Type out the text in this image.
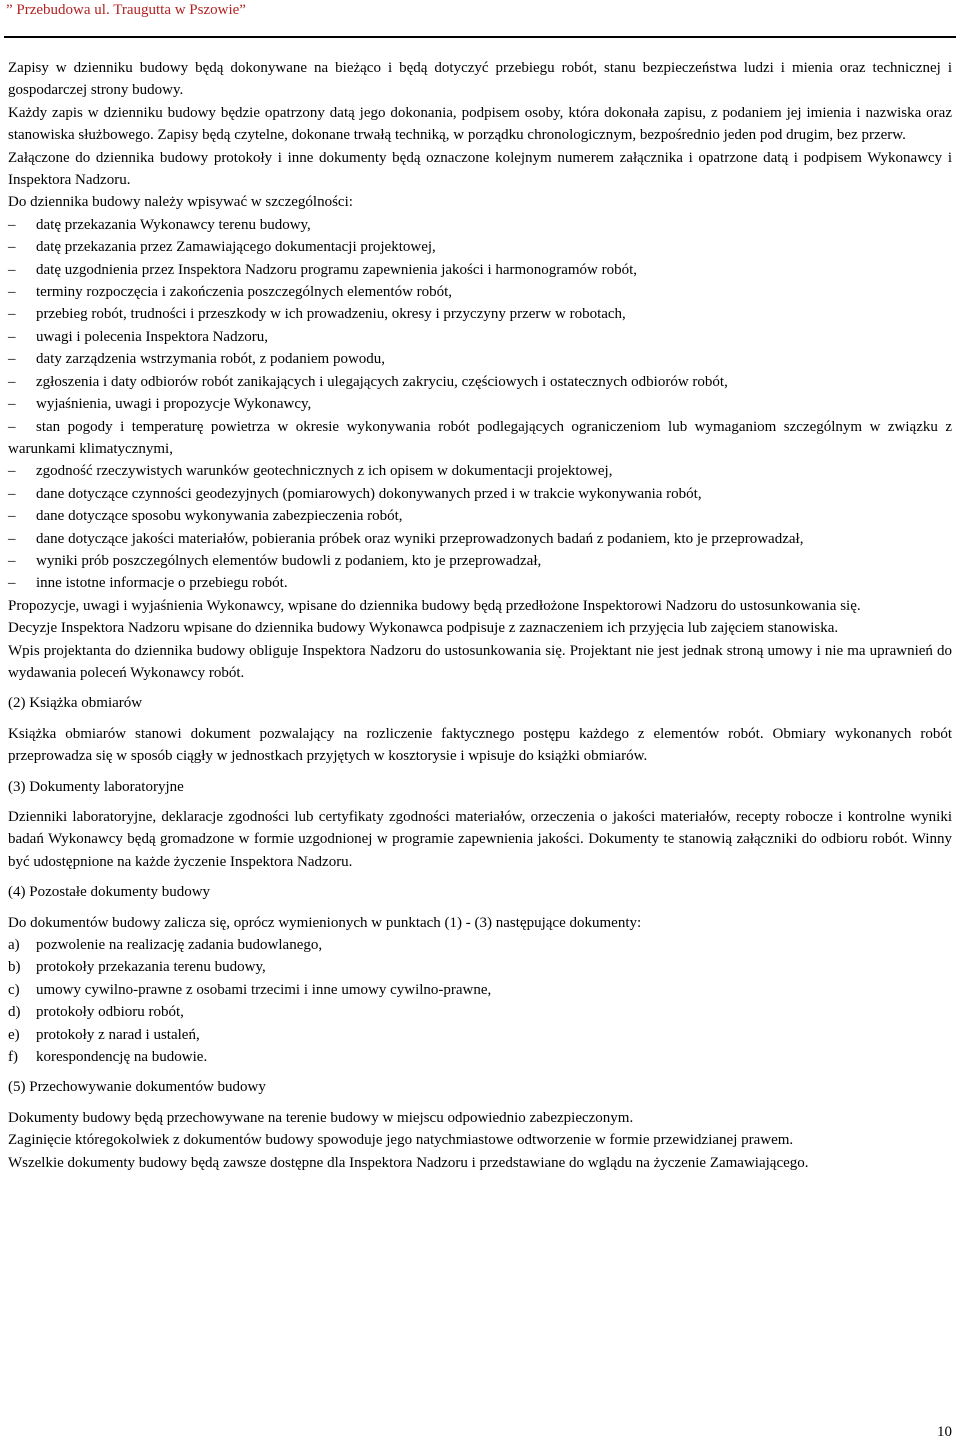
” Przebudowa ul. Traugutta w Pszowie”

Zapisy w dzienniku budowy będą dokonywane na bieżąco i będą dotyczyć przebiegu robót, stanu bezpieczeństwa ludzi i mienia oraz technicznej i gospodarczej strony budowy.

Każdy zapis w dzienniku budowy będzie opatrzony datą jego dokonania, podpisem osoby, która dokonała zapisu, z podaniem jej imienia i nazwiska oraz stanowiska służbowego. Zapisy będą czytelne, dokonane trwałą techniką, w porządku chronologicznym, bezpośrednio jeden pod drugim, bez przerw.

Załączone do dziennika budowy protokoły i inne dokumenty będą oznaczone kolejnym numerem załącznika i opatrzone datą i podpisem Wykonawcy i Inspektora Nadzoru.

Do dziennika budowy należy wpisywać w szczególności:

–	datę przekazania Wykonawcy terenu budowy,
–	datę przekazania przez Zamawiającego dokumentacji projektowej,
–	datę uzgodnienia przez Inspektora Nadzoru programu zapewnienia jakości i harmonogramów robót,
–	terminy rozpoczęcia i zakończenia poszczególnych elementów robót,
–	przebieg robót, trudności i przeszkody w ich prowadzeniu, okresy i przyczyny przerw w robotach,
–	uwagi i polecenia Inspektora Nadzoru,
–	daty zarządzenia wstrzymania robót, z podaniem powodu,
–	zgłoszenia i daty odbiorów robót zanikających i ulegających zakryciu, częściowych i ostatecznych odbiorów robót,
–	wyjaśnienia, uwagi i propozycje Wykonawcy,
– stan pogody i temperaturę powietrza w okresie wykonywania robót podlegających ograniczeniom lub wymaganiom szczególnym w związku z warunkami klimatycznymi,
–	zgodność rzeczywistych warunków geotechnicznych z ich opisem w dokumentacji projektowej,
–	dane dotyczące czynności geodezyjnych (pomiarowych) dokonywanych przed i w trakcie wykonywania robót,
–	dane dotyczące sposobu wykonywania zabezpieczenia robót,
– dane dotyczące jakości materiałów, pobierania próbek oraz wyniki przeprowadzonych badań z podaniem, kto je przeprowadzał,
–	wyniki prób poszczególnych elementów budowli z podaniem, kto je przeprowadzał,
–	inne istotne informacje o przebiegu robót.

Propozycje, uwagi i wyjaśnienia Wykonawcy, wpisane do dziennika budowy będą przedłożone Inspektorowi Nadzoru do ustosunkowania się.

Decyzje Inspektora Nadzoru wpisane do dziennika budowy Wykonawca podpisuje z zaznaczeniem ich przyjęcia lub zajęciem stanowiska.

Wpis projektanta do dziennika budowy obliguje Inspektora Nadzoru do ustosunkowania się. Projektant nie jest jednak stroną umowy i nie ma uprawnień do wydawania poleceń Wykonawcy robót.

(2) Książka obmiarów

Książka obmiarów stanowi dokument pozwalający na rozliczenie faktycznego postępu każdego z elementów robót. Obmiary wykonanych robót przeprowadza się w sposób ciągły w jednostkach przyjętych w kosztorysie i wpisuje do książki obmiarów.

(3) Dokumenty laboratoryjne

Dzienniki laboratoryjne, deklaracje zgodności lub certyfikaty zgodności materiałów, orzeczenia o jakości materiałów, recepty robocze i kontrolne wyniki badań Wykonawcy będą gromadzone w formie uzgodnionej w programie zapewnienia jakości. Dokumenty te stanowią załączniki do odbioru robót. Winny być udostępnione na każde życzenie Inspektora Nadzoru.

(4) Pozostałe dokumenty budowy

Do dokumentów budowy zalicza się, oprócz wymienionych w punktach (1) - (3) następujące dokumenty:

a)	pozwolenie na realizację zadania budowlanego,
b)	protokoły przekazania terenu budowy,
c)	umowy cywilno-prawne z osobami trzecimi i inne umowy cywilno-prawne,
d)	protokoły odbioru robót,
e)	protokoły z narad i ustaleń,
f)	korespondencję na budowie.

(5) Przechowywanie dokumentów budowy

Dokumenty budowy będą przechowywane na terenie budowy w miejscu odpowiednio zabezpieczonym.

Zaginięcie któregokolwiek z dokumentów budowy spowoduje jego natychmiastowe odtworzenie w formie przewidzianej prawem.

Wszelkie dokumenty budowy będą zawsze dostępne dla Inspektora Nadzoru i przedstawiane do wglądu na życzenie Zamawiającego.

10
